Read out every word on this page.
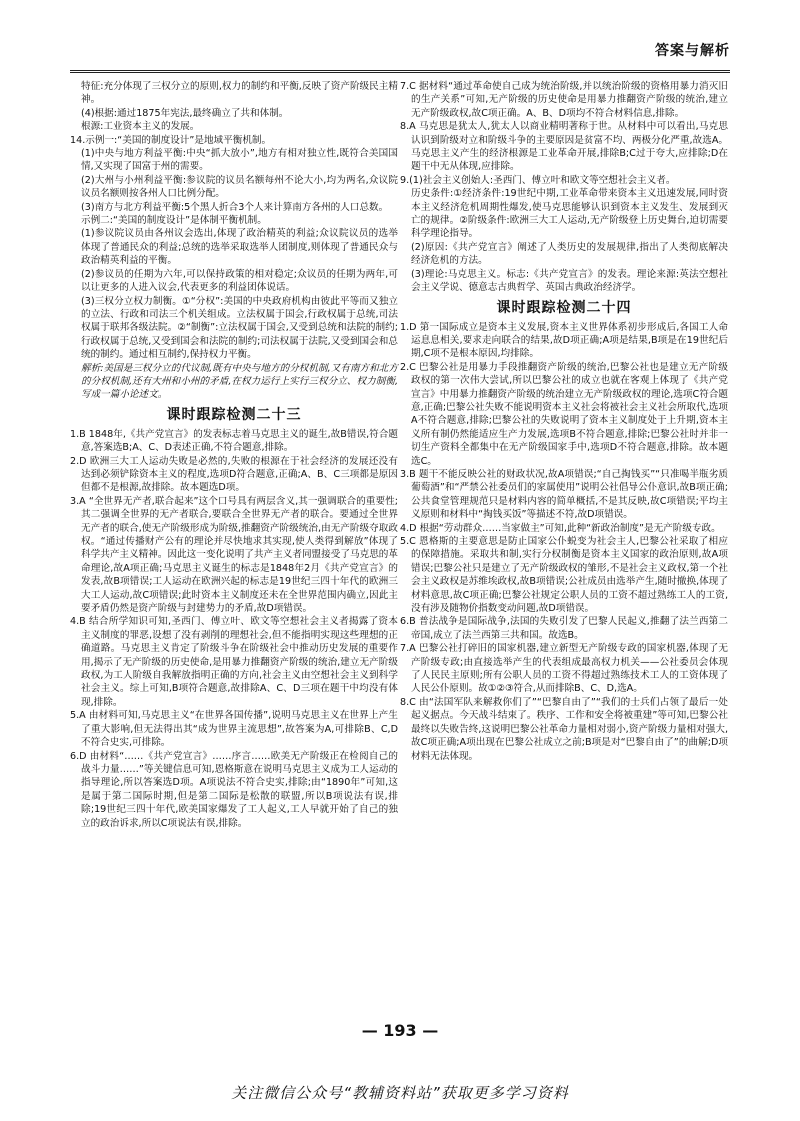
答案与解析

特征:充分体现了三权分立的原则,权力的制约和平衡,反映了资产阶级民主精神。

(4)根据:通过1875年宪法,最终确立了共和体制。

根源:工业资本主义的发展。

14.示例一:“美国的制度设计”是地域平衡机制。

(1)中央与地方利益平衡:中央“抓大放小”,地方有相对独立性,既符合美国国情,又实现了国富于州的需要。

(2)大州与小州利益平衡:参议院的议员名额每州不论大小,均为两名,众议院议员名额则按各州人口比例分配。

(3)南方与北方利益平衡:5个黑人折合3个人来计算南方各州的人口总数。

示例二:“美国的制度设计”是体制平衡机制。

(1)参议院议员由各州议会选出,体现了政治精英的利益;众议院议员的选举体现了普通民众的利益;总统的选举采取选举人团制度,则体现了普通民众与政治精英利益的平衡。

(2)参议员的任期为六年,可以保持政策的相对稳定;众议员的任期为两年,可以让更多的人进入议会,代表更多的利益团体说话。

(3)三权分立权力制衡。①“分权”:美国的中央政府机构由彼此平等而又独立的立法、行政和司法三个机关组成。立法权属于国会,行政权属于总统,司法权属于联邦各级法院。②“制衡”:立法权属于国会,又受到总统和法院的制约;行政权属于总统,又受到国会和法院的制约;司法权属于法院,又受到国会和总统的制约。通过相互制约,保持权力平衡。

解析:美国是三权分立的代议制,既有中央与地方的分权机制,又有南方和北方的分权机制,还有大州和小州的矛盾,在权力运行上实行三权分立、权力制衡,写成一篇小论述文。

课时跟踪检测二十三

1.B 1848年,《共产党宣言》的发表标志着马克思主义的诞生,故B错误,符合题意,答案选B;A、C、D表述正确,不符合题意,排除。

2.D 欧洲三大工人运动失败是必然的,失败的根源在于社会经济的发展还没有达到必须铲除资本主义的程度,选项D符合题意,正确;A、B、C三项都是原因但都不是根源,故排除。故本题选D项。

3.A “全世界无产者,联合起来”这个口号具有两层含义,其一强调联合的重要性;其二强调全世界的无产者联合,要联合全世界无产者的联合。要通过全世界无产者的联合,使无产阶级形成为阶级,推翻资产阶级统治,由无产阶级夺取政权。“通过传播财产公有的理论并尽快地求其实现,使人类得到解放”体现了科学共产主义精神。因此这一变化说明了共产主义者同盟接受了马克思的革命理论,故A项正确;马克思主义诞生的标志是1848年2月《共产党宣言》的发表,故B项错误;工人运动在欧洲兴起的标志是19世纪三四十年代的欧洲三大工人运动,故C项错误;此时资本主义制度还未在全世界范围内确立,因此主要矛盾仍然是资产阶级与封建势力的矛盾,故D项错误。

4.B 结合所学知识可知,圣西门、傅立叶、欧文等空想社会主义者揭露了资本主义制度的罪恶,设想了没有剥削的理想社会,但不能指明实现这些理想的正确道路。马克思主义肯定了阶级斗争在阶级社会中推动历史发展的重要作用,揭示了无产阶级的历史使命,是用暴力推翻资产阶级的统治,建立无产阶级政权,为工人阶级自我解放指明正确的方向,社会主义由空想社会主义到科学社会主义。综上可知,B项符合题意,故排除A、C、D三项在题干中均没有体现,排除。

5.A 由材料可知,马克思主义“在世界各国传播”,说明马克思主义在世界上产生了重大影响,但无法得出其“成为世界主流思想”,故答案为A,可排除B、C,D不符合史实,可排除。

6.D 由材料“……《共产党宣言》……序言……欧美无产阶级正在检阅自己的战斗力量……”等关键信息可知,恩格斯意在说明马克思主义成为工人运动的指导理论,所以答案选D项。A项说法不符合史实,排除;由“1890年”可知,这是属于第二国际时期,但是第二国际是松散的联盟,所以B项说法有误,排除;19世纪三四十年代,欧美国家爆发了工人起义,工人早就开始了自己的独立的政治诉求,所以C项说法有误,排除。

7.C 据材料“通过革命使自己成为统治阶级,并以统治阶级的资格用暴力消灭旧的生产关系”可知,无产阶级的历史使命是用暴力推翻资产阶级的统治,建立无产阶级政权,故C项正确。A、B、D项均不符合材料信息,排除。

8.A 马克思是犹太人,犹太人以商业精明著称于世。从材料中可以看出,马克思认识到阶级对立和阶级斗争的主要原因是贫富不均、两极分化严重,故选A。马克思主义产生的经济根源是工业革命开展,排除B;C过于夸大,应排除;D在题干中无从体现,应排除。

9.(1)社会主义创始人:圣西门、傅立叶和欧文等空想社会主义者。

历史条件:①经济条件:19世纪中期,工业革命带来资本主义迅速发展,同时资本主义经济危机周期性爆发,使马克思能够认识到资本主义发生、发展到灭亡的规律。②阶级条件:欧洲三大工人运动,无产阶级登上历史舞台,迫切需要科学理论指导。

(2)原因:《共产党宣言》阐述了人类历史的发展规律,指出了人类彻底解决经济危机的方法。

(3)理论:马克思主义。标志:《共产党宣言》的发表。理论来源:英法空想社会主义学说、德意志古典哲学、英国古典政治经济学。

课时跟踪检测二十四

1.D 第一国际成立是资本主义发展,资本主义世界体系初步形成后,各国工人命运息息相关,要求走向联合的结果,故D项正确;A项是结果,B项是在19世纪后期,C项不是根本原因,均排除。

2.C 巴黎公社是用暴力手段推翻资产阶级的统治,巴黎公社也是建立无产阶级政权的第一次伟大尝试,所以巴黎公社的成立也就在客观上体现了《共产党宣言》中用暴力推翻资产阶级的统治建立无产阶级政权的理论,选项C符合题意,正确;巴黎公社失败不能说明资本主义社会将被社会主义社会所取代,选项A不符合题意,排除;巴黎公社的失败说明了资本主义制度处于上升期,资本主义所有制仍然能适应生产力发展,选项B不符合题意,排除;巴黎公社时并非一切生产资料全都集中在无产阶级国家手中,选项D不符合题意,排除。故本题选C。

3.B 题干不能反映公社的财政状况,故A项错误;“自己掏钱买”“只准喝半瓶劣质葡萄酒”和“严禁公社委员们的家属使用”说明公社倡导公仆意识,故B项正确;公共食堂管理规范只是材料内容的简单概括,不是其反映,故C项错误;平均主义原则和材料中“掏钱买饭”等描述不符,故D项错误。

4.D 根据“劳动群众……当家做主”可知,此种“新政治制度”是无产阶级专政。

5.C 恩格斯的主要意思是防止国家公仆蜕变为社会主人,巴黎公社采取了相应的保障措施。采取共和制,实行分权制衡是资本主义国家的政治原则,故A项错误;巴黎公社只是建立了无产阶级政权的雏形,不是社会主义政权,第一个社会主义政权是苏维埃政权,故B项错误;公社成员由选举产生,随时撤换,体现了材料意思,故C项正确;巴黎公社规定公职人员的工资不超过熟练工人的工资,没有涉及随物价指数变动问题,故D项错误。

6.B 普法战争是国际战争,法国的失败引发了巴黎人民起义,推翻了法兰西第二帝国,成立了法兰西第三共和国。故选B。

7.A 巴黎公社打碎旧的国家机器,建立新型无产阶级专政的国家机器,体现了无产阶级专政;由直接选举产生的代表组成最高权力机关——公社委员会体现了人民民主原则;所有公职人员的工资不得超过熟练技术工人的工资体现了人民公仆原则。故①②③符合,从而排除B、C、D,选A。

8.C 由“法国军队来解救你们了”“巴黎自由了”“我们的士兵们占领了最后一处起义据点。今天战斗结束了。秩序、工作和安全将被重建”等可知,巴黎公社最终以失败告终,这说明巴黎公社革命力量相对弱小,资产阶级力量相对强大,故C项正确;A项出现在巴黎公社成立之前;B项是对“巴黎自由了”的曲解;D项材料无法体现。

— 193 —
关注微信公众号“教辅资料站”获取更多学习资料
